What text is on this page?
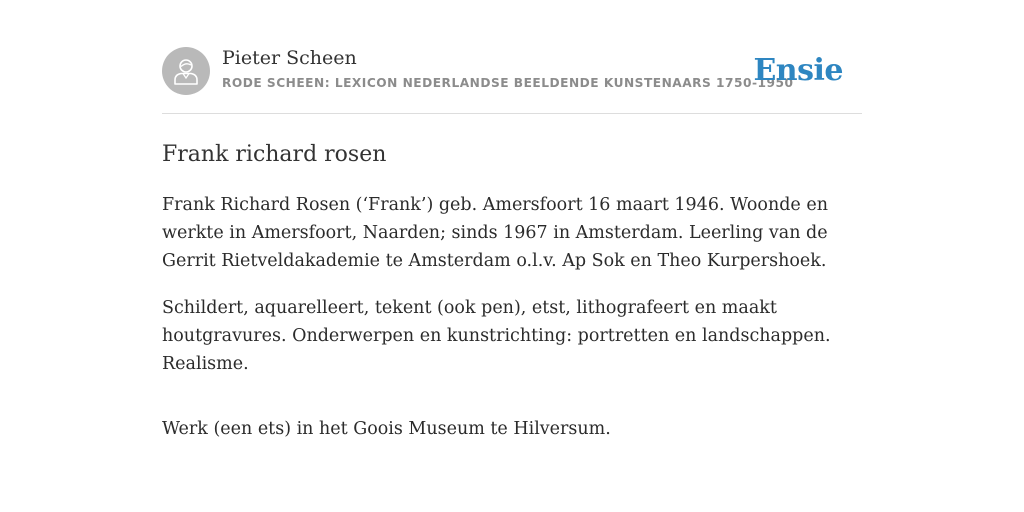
Pieter Scheen

RODE SCHEEN: LEXICON NEDERLANDSE BEELDENDE KUNSTENAARS 1750-1950
Ensie
Frank richard rosen

Frank Richard Rosen (‘Frank’) geb. Amersfoort 16 maart 1946. Woonde en werkte in Amersfoort, Naarden; sinds 1967 in Amsterdam. Leerling van de Gerrit Rietveldakademie te Amsterdam o.l.v. Ap Sok en Theo Kurpershoek.

Schildert, aquarelleert, tekent (ook pen), etst, lithografeert en maakt houtgravures. Onderwerpen en kunstrichting: portretten en landschappen. Realisme.

Werk (een ets) in het Goois Museum te Hilversum.
